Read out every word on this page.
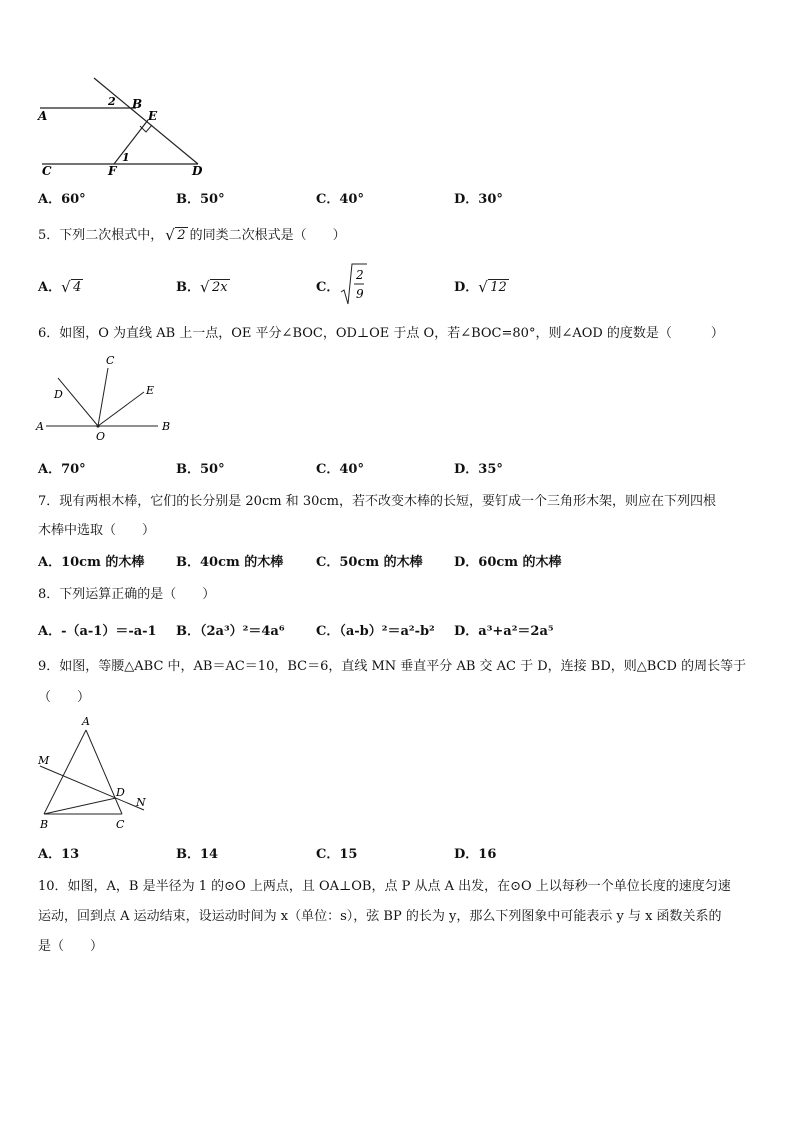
A
B
C	D
E
F
1
2
A．60°	B．50°	C．40°	D．30°
5．下列二次根式中， √ 2 的同类二次根式是（　　）
A． √ 4	B． √ 2x	C．
2
9	D． √ 12
6．如图，O 为直线 AB 上一点，OE 平分∠BOC，OD⊥OE 于点 O，若∠BOC=80°，则∠AOD 的度数是（　　　）
A	B
C
D	E
O
A．70°	B．50°	C．40°	D．35°
7．现有两根木棒，它们的长分别是 20cm 和 30cm，若不改变木棒的长短，要钉成一个三角形木架，则应在下列四根
木棒中选取（　　）
A．10cm 的木棒 B．40cm 的木棒	C．50cm 的木棒 D．60cm 的木棒
8．下列运算正确的是（　　）
A．-（a-1）＝-a-1 B．（2a³）²＝4a⁶ C．（a-b）²＝a²-b² D．a³+a²＝2a⁵
9．如图，等腰△ABC 中，AB＝AC＝10，BC＝6，直线 MN 垂直平分 AB 交 AC 于 D，连接 BD，则△BCD 的周长等于
（　　）
A
B	C
D
M
N
A．13	B．14	C．15	D．16
10．如图，A，B 是半径为 1 的⊙O 上两点，且 OA⊥OB，点 P 从点 A 出发，在⊙O 上以每秒一个单位长度的速度匀速
运动，回到点 A 运动结束，设运动时间为 x（单位：s），弦 BP 的长为 y，那么下列图象中可能表示 y 与 x 函数关系的
是（　　）
